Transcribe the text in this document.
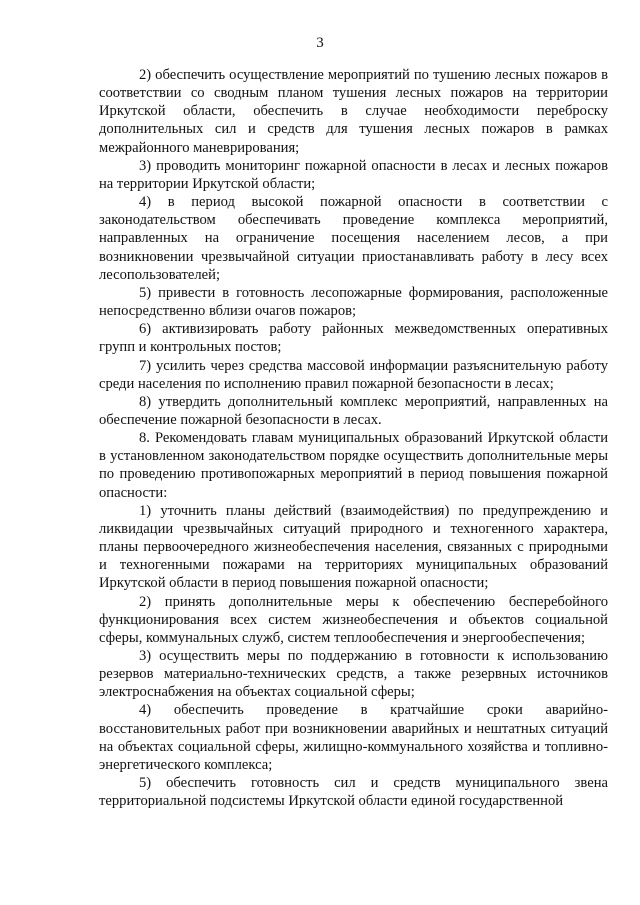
3

2) обеспечить осуществление мероприятий по тушению лесных пожаров в соответствии со сводным планом тушения лесных пожаров на территории Иркутской области, обеспечить в случае необходимости переброску дополнительных сил и средств для тушения лесных пожаров в рамках межрайонного маневрирования;

3) проводить мониторинг пожарной опасности в лесах и лесных пожаров на территории Иркутской области;

4) в период высокой пожарной опасности в соответствии с законодательством обеспечивать проведение комплекса мероприятий, направленных на ограничение посещения населением лесов, а при возникновении чрезвычайной ситуации приостанавливать работу в лесу всех лесопользователей;

5) привести в готовность лесопожарные формирования, расположенные непосредственно вблизи очагов пожаров;

6) активизировать работу районных межведомственных оперативных групп и контрольных постов;

7) усилить через средства массовой информации разъяснительную работу среди населения по исполнению правил пожарной безопасности в лесах;

8) утвердить дополнительный комплекс мероприятий, направленных на обеспечение пожарной безопасности в лесах.

8. Рекомендовать главам муниципальных образований Иркутской области в установленном законодательством порядке осуществить дополнительные меры по проведению противопожарных мероприятий в период повышения пожарной опасности:

1) уточнить планы действий (взаимодействия) по предупреждению и ликвидации чрезвычайных ситуаций природного и техногенного характера, планы первоочередного жизнеобеспечения населения, связанных с природными и техногенными пожарами на территориях муниципальных образований Иркутской области в период повышения пожарной опасности;

2) принять дополнительные меры к обеспечению бесперебойного функционирования всех систем жизнеобеспечения и объектов социальной сферы, коммунальных служб, систем теплообеспечения и энергообеспечения;

3) осуществить меры по поддержанию в готовности к использованию резервов материально-технических средств, а также резервных источников электроснабжения на объектах социальной сферы;

4) обеспечить проведение в кратчайшие сроки аварийно-восстановительных работ при возникновении аварийных и нештатных ситуаций на объектах социальной сферы, жилищно-коммунального хозяйства и топливно-энергетического комплекса;

5) обеспечить готовность сил и средств муниципального звена территориальной подсистемы Иркутской области единой государственной
